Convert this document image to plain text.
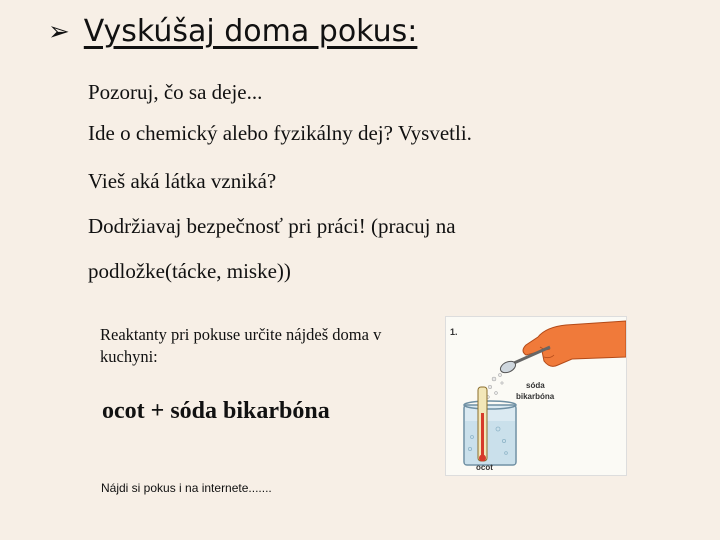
➢ Vyskúšaj doma pokus:
Pozoruj, čo sa deje...
Ide o chemický alebo fyzikálny dej? Vysvetli.
Vieš aká látka vzniká?
Dodržiavaj bezpečnosť pri práci! (pracuj na
podložke(tácke, miske))
Reaktanty pri pokuse určite nájdeš doma v kuchyni:
ocot + sóda bikarbóna
Nájdi si pokus i na internete.......
1.
sóda
bikarbóna
ocot
